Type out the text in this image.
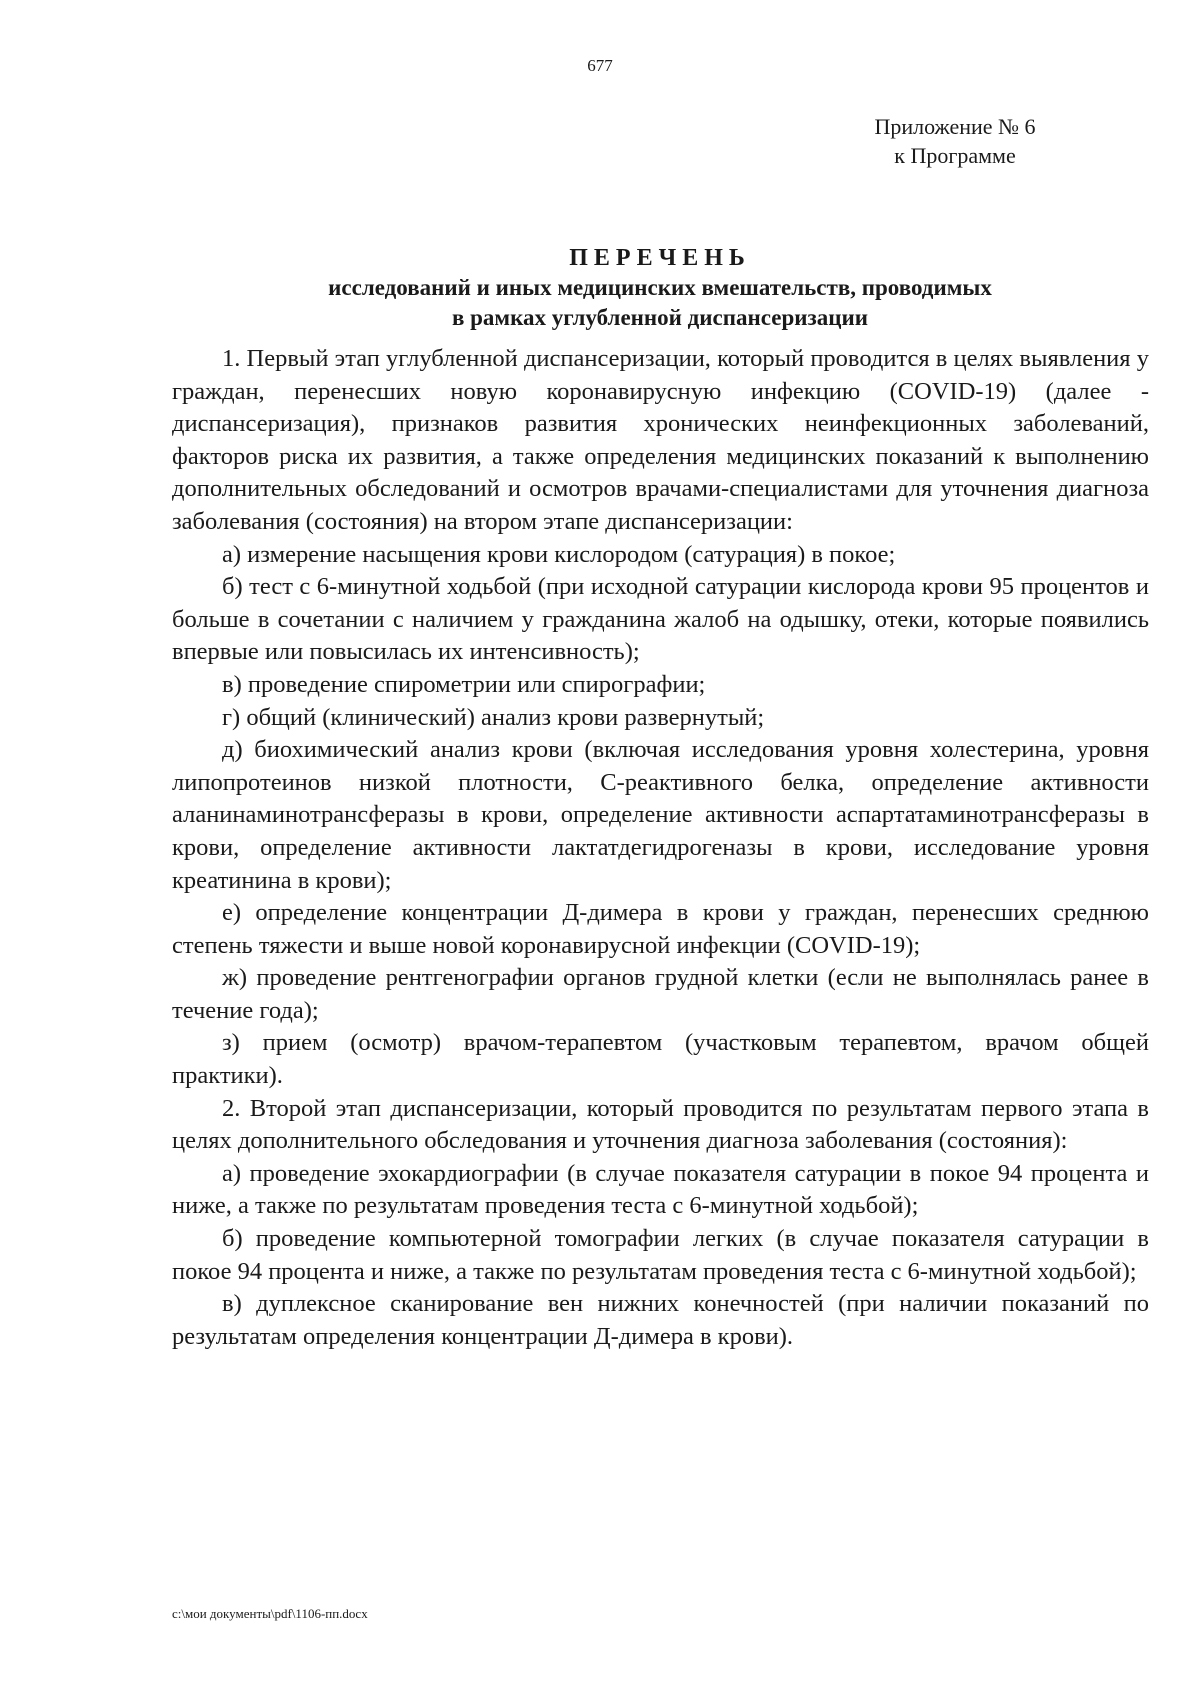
677
Приложение № 6
к Программе
ПЕРЕЧЕНЬ
исследований и иных медицинских вмешательств, проводимых
в рамках углубленной диспансеризации

1. Первый этап углубленной диспансеризации, который проводится в целях выявления у граждан, перенесших новую коронавирусную инфекцию (COVID-19) (далее - диспансеризация), признаков развития хронических неинфекционных заболеваний, факторов риска их развития, а также определения медицинских показаний к выполнению дополнительных обследований и осмотров врачами-специалистами для уточнения диагноза заболевания (состояния) на втором этапе диспансеризации:

а) измерение насыщения крови кислородом (сатурация) в покое;

б) тест с 6-минутной ходьбой (при исходной сатурации кислорода крови 95 процентов и больше в сочетании с наличием у гражданина жалоб на одышку, отеки, которые появились впервые или повысилась их интенсивность);

в) проведение спирометрии или спирографии;

г) общий (клинический) анализ крови развернутый;

д) биохимический анализ крови (включая исследования уровня холестерина, уровня липопротеинов низкой плотности, С-реактивного белка, определение активности аланинаминотрансферазы в крови, определение активности аспартатаминотрансферазы в крови, определение активности лактатдегидрогеназы в крови, исследование уровня креатинина в крови);

е) определение концентрации Д-димера в крови у граждан, перенесших среднюю степень тяжести и выше новой коронавирусной инфекции (COVID-19);

ж) проведение рентгенографии органов грудной клетки (если не выполнялась ранее в течение года);

з) прием (осмотр) врачом-терапевтом (участковым терапевтом, врачом общей практики).

2. Второй этап диспансеризации, который проводится по результатам первого этапа в целях дополнительного обследования и уточнения диагноза заболевания (состояния):

а) проведение эхокардиографии (в случае показателя сатурации в покое 94 процента и ниже, а также по результатам проведения теста с 6-минутной ходьбой);

б) проведение компьютерной томографии легких (в случае показателя сатурации в покое 94 процента и ниже, а также по результатам проведения теста с 6-минутной ходьбой);

в) дуплексное сканирование вен нижних конечностей (при наличии показаний по результатам определения концентрации Д-димера в крови).

c:\мои документы\pdf\1106-пп.docx
